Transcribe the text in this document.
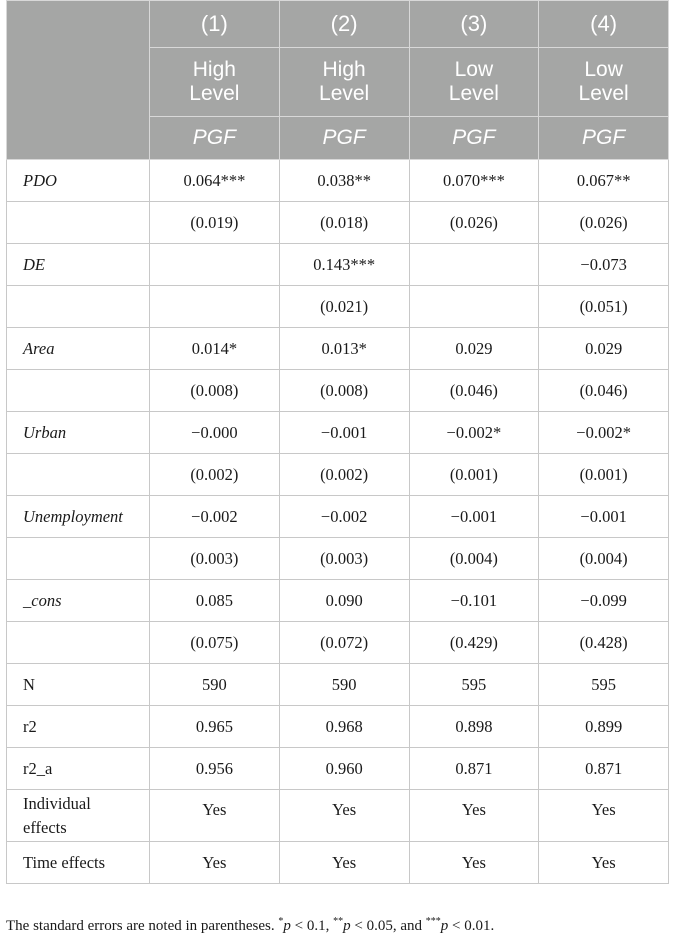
	(1)	(2)	(3)	(4)

	High Level	High Level	Low Level	Low Level

	PGF	PGF	PGF	PGF
PDO	0.064***	0.038**	0.070***	0.067**
	(0.019)	(0.018)	(0.026)	(0.026)
DE		0.143***		−0.073
		(0.021)		(0.051)
Area	0.014*	0.013*	0.029	0.029
	(0.008)	(0.008)	(0.046)	(0.046)
Urban	−0.000	−0.001	−0.002*	−0.002*
	(0.002)	(0.002)	(0.001)	(0.001)
Unemployment	−0.002	−0.002	−0.001	−0.001
	(0.003)	(0.003)	(0.004)	(0.004)
_cons	0.085	0.090	−0.101	−0.099
	(0.075)	(0.072)	(0.429)	(0.428)
N	590	590	595	595
r2	0.965	0.968	0.898	0.899
r2_a	0.956	0.960	0.871	0.871
Individual
effects	Yes	Yes	Yes	Yes
Time effects	Yes	Yes	Yes	Yes
The standard errors are noted in parentheses. *p < 0.1, **p < 0.05, and ***p < 0.01.
